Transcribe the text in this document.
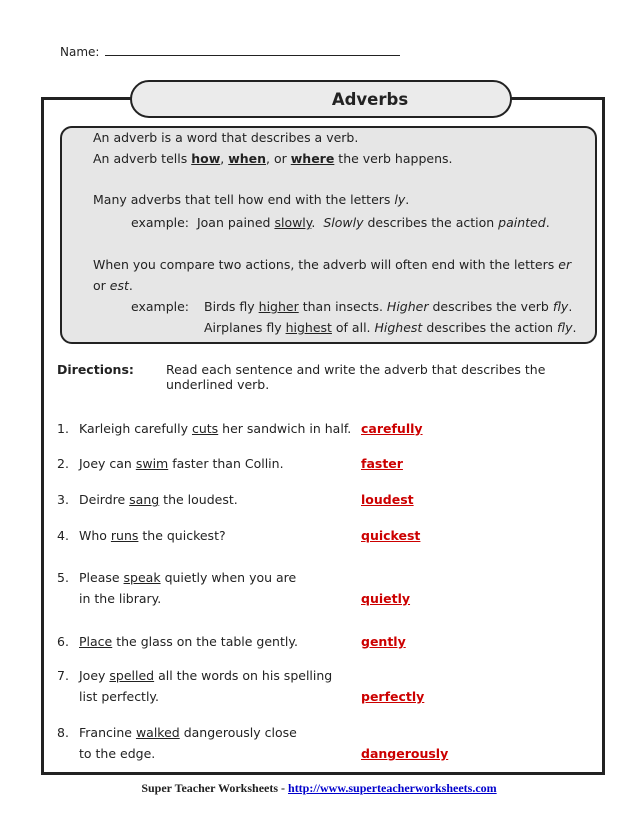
Name:
Adverbs
An adverb is a word that describes a verb.
An adverb tells how, when, or where the verb happens.
Many adverbs that tell how end with the letters ly.
example: Joan pained slowly. Slowly describes the action painted.
When you compare two actions, the adverb will often end with the letters er
or est.
example: Birds fly higher than insects. Higher describes the verb fly.
Airplanes fly highest of all. Highest describes the action fly.
Directions:	Read each sentence and write the adverb that describes the
underlined verb.
1. Karleigh carefully cuts her sandwich in half. carefully
2. Joey can swim faster than Collin.	faster
3. Deirdre sang the loudest.	loudest
4. Who runs the quickest?	quickest
5. Please speak quietly when you are
in the library.	quietly
6. Place the glass on the table gently.	gently
7. Joey spelled all the words on his spelling
list perfectly.	perfectly
8. Francine walked dangerously close
to the edge.	dangerously
Super Teacher Worksheets - http://www.superteacherworksheets.com
